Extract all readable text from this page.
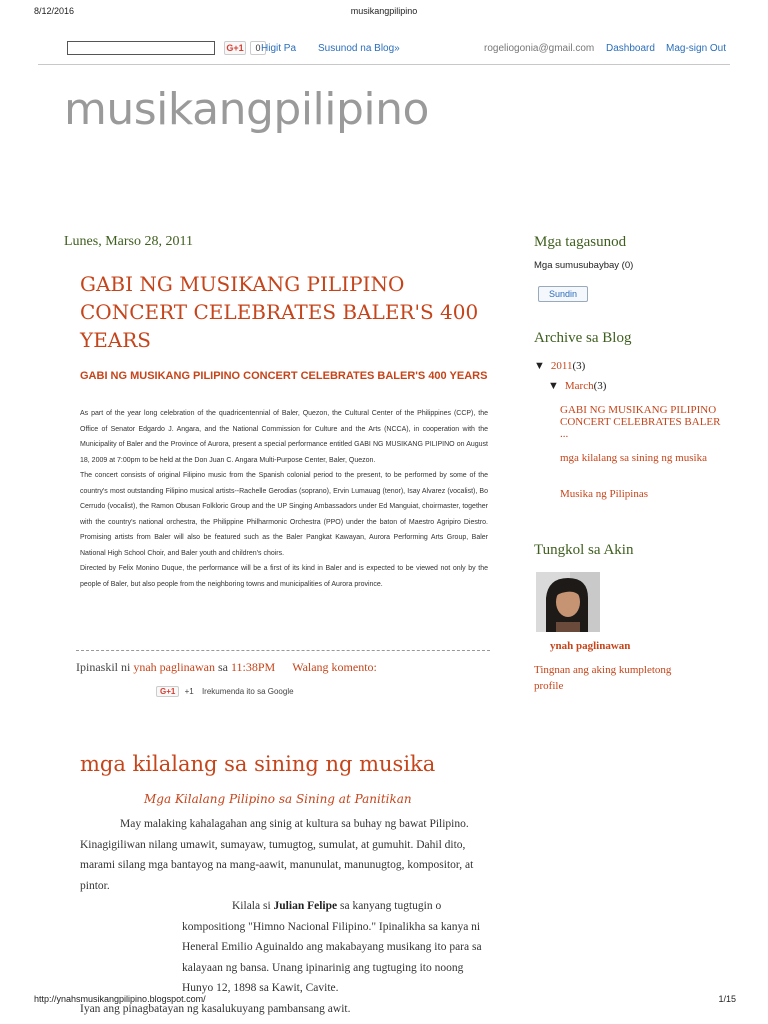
8/12/2016	musikangpilipino
G+1	0 Higit Pa Susunod na Blog»	rogeliogonia@gmail.com Dashboard Mag-sign Out
musikangpilipino
Lunes, Marso 28, 2011
GABI NG MUSIKANG PILIPINO CONCERT CELEBRATES BALER'S 400 YEARS
GABI NG MUSIKANG PILIPINO CONCERT CELEBRATES BALER'S 400 YEARS

As part of the year long celebration of the quadricentennial of Baler, Quezon, the Cultural Center of the Philippines (CCP), the Office of Senator Edgardo J. Angara, and the National Commission for Culture and the Arts (NCCA), in cooperation with the Municipality of Baler and the Province of Aurora, present a special performance entitled GABI NG MUSIKANG PILIPINO on August 18, 2009 at 7:00pm to be held at the Don Juan C. Angara Multi-Purpose Center, Baler, Quezon.

The concert consists of original Filipino music from the Spanish colonial period to the present, to be performed by some of the country's most outstanding Filipino musical artists--Rachelle Gerodias (soprano), Ervin Lumauag (tenor), Isay Alvarez (vocalist), Bo Cerrudo (vocalist), the Ramon Obusan Folkloric Group and the UP Singing Ambassadors under Ed Manguiat, choirmaster, together with the country's national orchestra, the Philippine Philharmonic Orchestra (PPO) under the baton of Maestro Agripiro Diestro. Promising artists from Baler will also be featured such as the Baler Pangkat Kawayan, Aurora Performing Arts Group, Baler National High School Choir, and Baler youth and children's choirs.

Directed by Felix Monino Duque, the performance will be a first of its kind in Baler and is expected to be viewed not only by the people of Baler, but also people from the neighboring towns and municipalities of Aurora province.

Ipinaskil ni ynah paglinawan sa 11:38PM Walang komento:
G+1 +1 Irekumenda ito sa Google
mga kilalang sa sining ng musika
Mga Kilalang Pilipino sa Sining at Panitikan

May malaking kahalagahan ang sinig at kultura sa buhay ng bawat Pilipino. Kinagigiliwan nilang umawit, sumayaw, tumugtog, sumulat, at gumuhit. Dahil dito, marami silang mga bantayog na mang-aawit, manunulat, manunugtog, kompositor, at pintor.

Kilala si Julian Felipe sa kanyang tugtugin o kompositiong "Himno Nacional Filipino." Ipinalikha sa kanya ni Heneral Emilio Aguinaldo ang makabayang musikang ito para sa kalayaan ng bansa. Unang ipinarinig ang tugtuging ito noong Hunyo 12, 1898 sa Kawit, Cavite.

Iyan ang pinagbatayan ng kasalukuyang pambansang awit.

Mga tagasunod
Mga sumusubaybay (0)
Sundin
Archive sa Blog
▼ 2011(3)
▼ March(3)
GABI NG MUSIKANG PILIPINO CONCERT CELEBRATES BALER ...
mga kilalang sa sining ng musika
Musika ng Pilipinas
Tungkol sa Akin
ynah paglinawan
Tingnan ang aking kumpletong profile
http://ynahsmusikangpilipino.blogspot.com/	1/15
